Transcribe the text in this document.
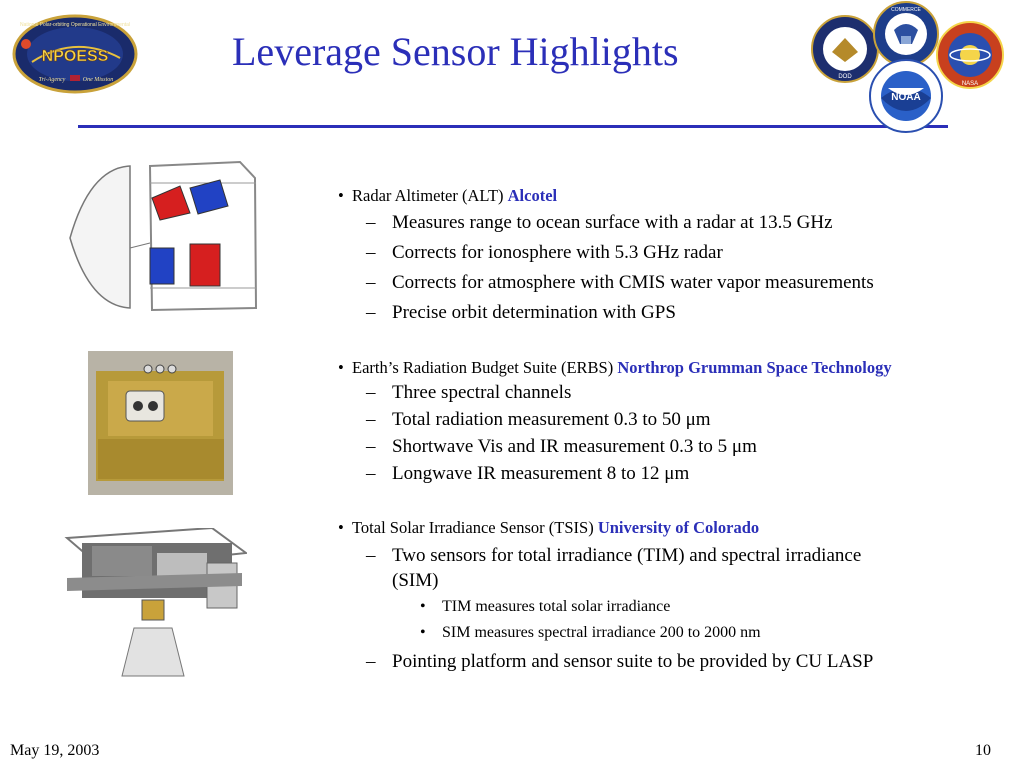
Leverage Sensor Highlights
NPOESS
Tri-Agency	One Mission
National Polar-orbiting Operational Environmental
DOD
COMMERCE
NASA
NOAA
• Radar Altimeter (ALT) Alcotel
– Measures range to ocean surface with a radar at 13.5 GHz
– Corrects for ionosphere with 5.3 GHz radar
– Corrects for atmosphere with CMIS water vapor measurements
– Precise orbit determination with GPS
• Earth’s Radiation Budget Suite (ERBS) Northrop Grumman Space Technology
– Three spectral channels
– Total radiation measurement 0.3 to 50 μm
– Shortwave Vis and IR measurement 0.3 to 5 μm
– Longwave IR measurement 8 to 12 μm
• Total Solar Irradiance Sensor (TSIS) University of Colorado
– Two sensors for total irradiance (TIM) and spectral irradiance
(SIM)
• TIM measures total solar irradiance
• SIM measures spectral irradiance 200 to 2000 nm
– Pointing platform and sensor suite to be provided by CU LASP
May 19, 2003	10
